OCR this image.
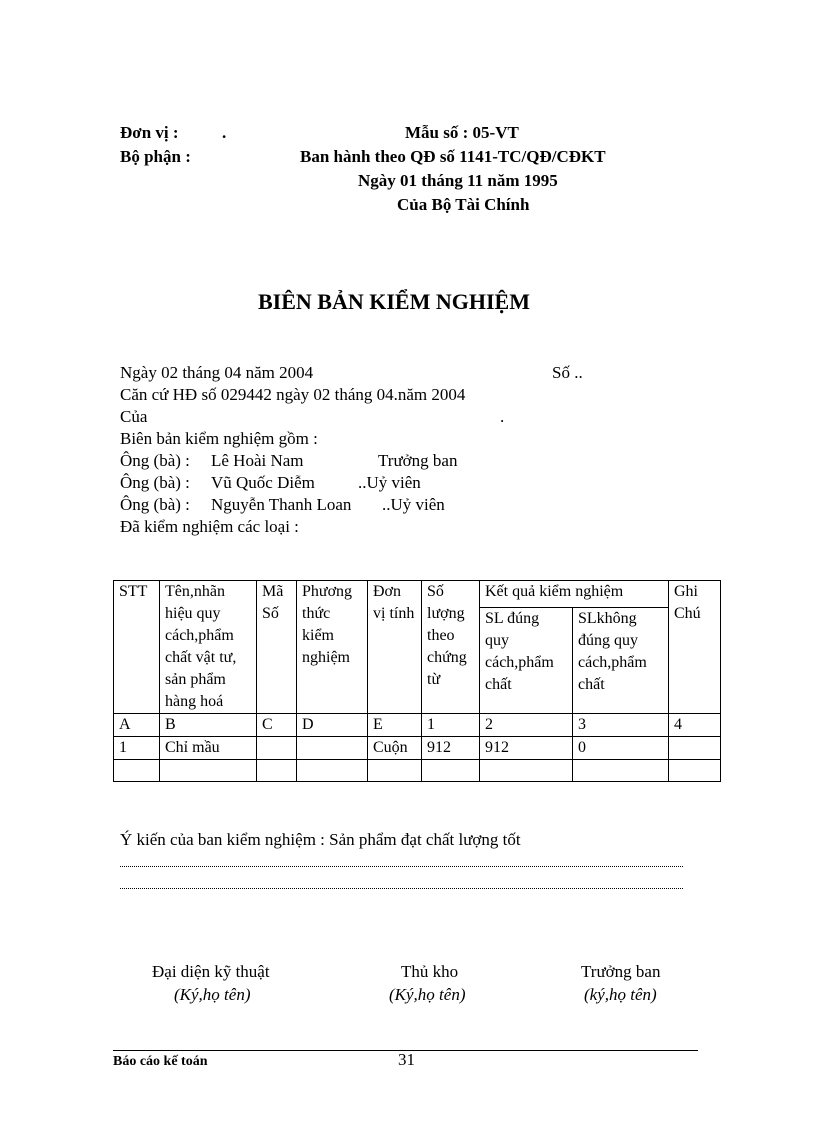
Đơn vị :	.
Bộ phận :
Mẫu số : 05-VT
Ban hành theo QĐ số 1141-TC/QĐ/CĐKT
Ngày 01 tháng 11 năm 1995
Của Bộ Tài Chính
BIÊN BẢN KIỂM NGHIỆM
Ngày 02 tháng 04 năm 2004	Số ..
Căn cứ HĐ số 029442 ngày 02 tháng 04.năm 2004
Của	.
Biên bản kiểm nghiệm gồm :
Ông (bà) : Lê Hoài Nam	Trưởng ban
Ông (bà) : Vũ Quốc Diễm	..Uỷ viên
Ông (bà) : Nguyễn Thanh Loan ..Uỷ viên
Đã kiểm nghiệm các loại :
STT	Tên,nhãn hiệu quy cách,phẩm chất vật tư, sản phẩm hàng hoá	Mã Số	Phương thức kiểm nghiệm	Đơn vị tính	Số lượng theo chứng từ	Kết quả kiểm nghiệm		Ghi Chú
						SL đúng quy cách,phẩm chất	SLkhông đúng quy cách,phẩm chất	
A	B	C	D	E	1	2	3	4
1	Chỉ mầu			Cuộn	912	912	0	

Ý kiến của ban kiểm nghiệm : Sản phẩm đạt chất lượng tốt
Đại diện kỹ thuật
(Ký,họ tên)
Thủ kho
(Ký,họ tên)
Trưởng ban
(ký,họ tên)
Báo cáo kế toán	31
